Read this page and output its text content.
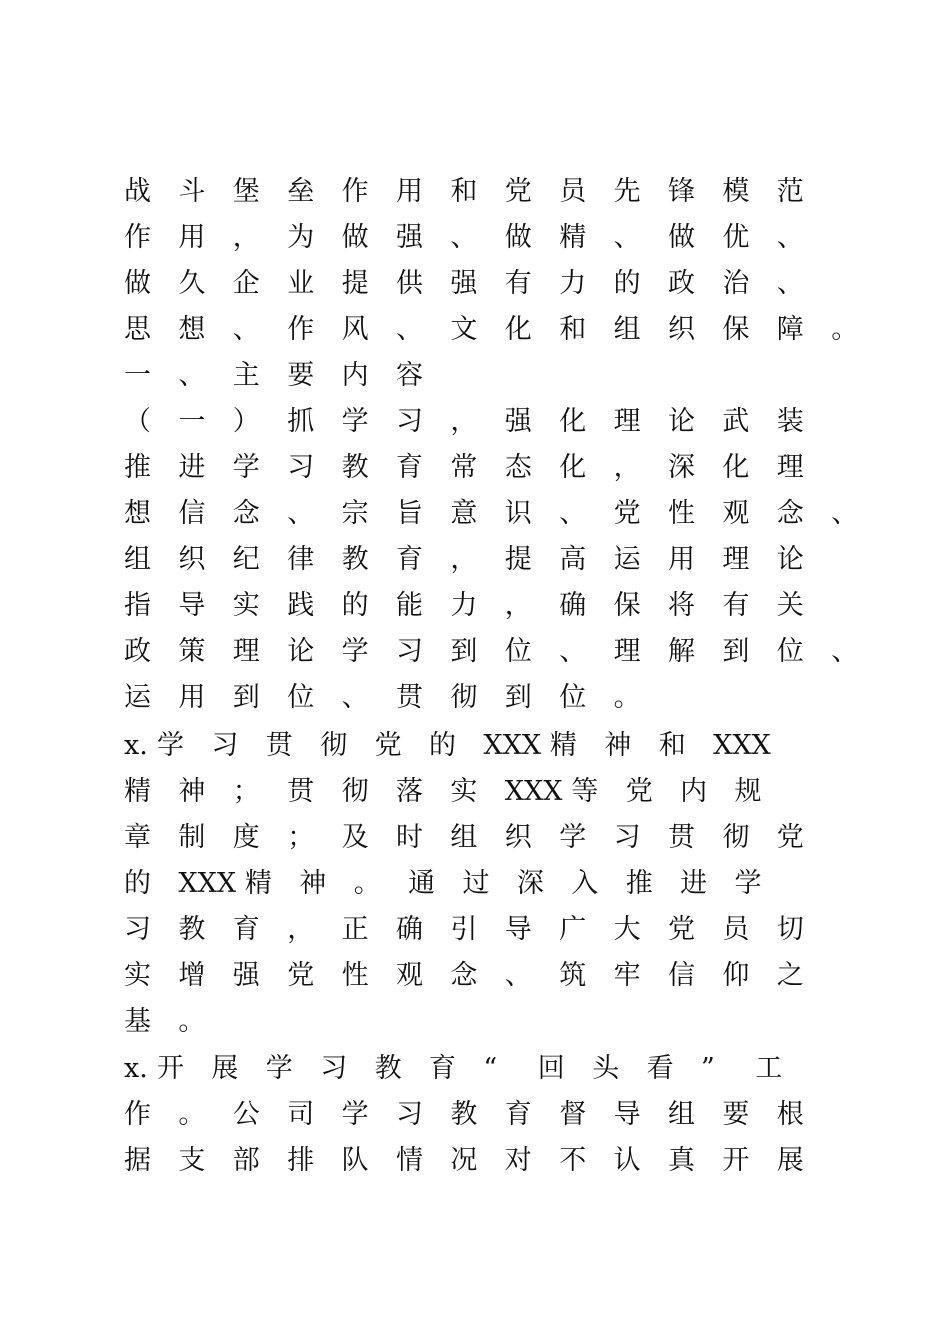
战 斗 堡 垒 作 用 和 党 员 先 锋 模 范
作 用 ， 为 做 强 、 做 精 、 做 优 、
做 久 企 业 提 供 强 有 力 的 政 治 、
思 想 、 作 风 、 文 化 和 组 织 保 障 。
一 、 主 要 内 容
（ 一 ） 抓 学 习 ， 强 化 理 论 武 装
推 进 学 习 教 育 常 态 化 ， 深 化 理
想 信 念 、 宗 旨 意 识 、 党 性 观 念 、
组 织 纪 律 教 育 ， 提 高 运 用 理 论
指 导 实 践 的 能 力 ， 确 保 将 有 关
政 策 理 论 学 习 到 位 、 理 解 到 位 、
运 用 到 位 、 贯 彻 到 位 。
x. 学 习 贯 彻 党 的 XXX 精 神 和 XXX
精 神 ； 贯 彻 落 实 XXX 等 党 内 规
章 制 度 ； 及 时 组 织 学 习 贯 彻 党
的 XXX 精 神 。 通 过 深 入 推 进 学
习 教 育 ， 正 确 引 导 广 大 党 员 切
实 增 强 党 性 观 念 、 筑 牢 信 仰 之
基 。
x. 开 展 学 习 教 育 “ 回 头 看 ” 工
作 。 公 司 学 习 教 育 督 导 组 要 根
据 支 部 排 队 情 况 对 不 认 真 开 展
